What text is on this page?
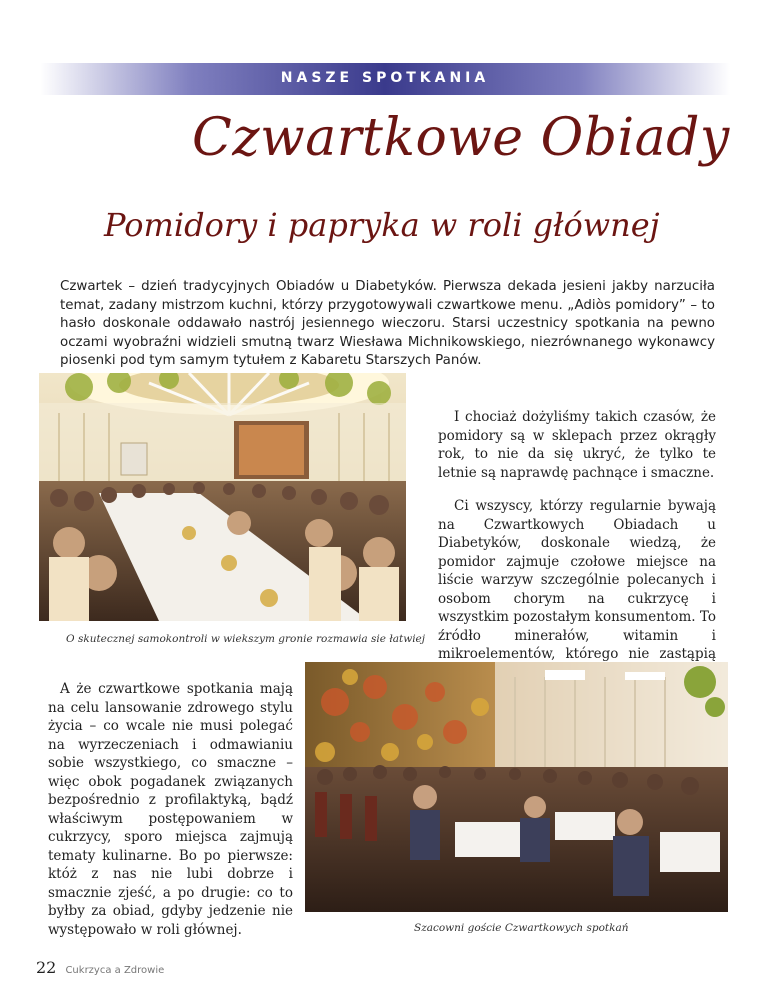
NASZE SPOTKANIA
Czwartkowe Obiady
Pomidory i papryka w roli głównej
Czwartek – dzień tradycyjnych Obiadów u Diabetyków. Pierwsza dekada jesieni jakby narzuciła temat, zadany mistrzom kuchni, którzy przygotowywali czwartkowe menu. „Adiòs pomidory” – to hasło doskonale oddawało nastrój jesiennego wieczoru. Starsi uczestnicy spotkania na pewno oczami wyobraźni widzieli smutną twarz Wiesława Michnikowskiego, niezrównanego wykonawcy piosenki pod tym samym tytułem z Kabaretu Starszych Panów.
O skutecznej samokontroli w wiekszym gronie rozmawia sie łatwiej

I chociaż dożyliśmy takich czasów, że pomidory są w sklepach przez okrągły rok, to nie da się ukryć, że tylko te letnie są naprawdę pachnące i smaczne.

Ci wszyscy, którzy regularnie bywają na Czwartkowych Obiadach u Diabetyków, doskonale wiedzą, że pomidor zajmuje czołowe miejsce na liście warzyw szczególnie polecanych i osobom chorym na cukrzycę i wszystkim pozostałym konsumentom. To źródło minerałów, witamin i mikroelementów, którego nie zastąpią

A że czwartkowe spotkania mają na celu lansowanie zdrowego stylu życia – co wcale nie musi polegać na wyrzeczeniach i odmawianiu sobie wszystkiego, co smaczne – więc obok pogadanek związanych bezpośrednio z profilaktyką, bądź właściwym postępowaniem w cukrzycy, sporo miejsca zajmują tematy kulinarne. Bo po pierwsze: któż z nas nie lubi dobrze i smacznie zjeść, a po drugie: co to byłby za obiad, gdyby jedzenie nie występowało w roli głównej.	Szacowni goście Czwartkowych spotkań
22 Cukrzyca a Zdrowie
